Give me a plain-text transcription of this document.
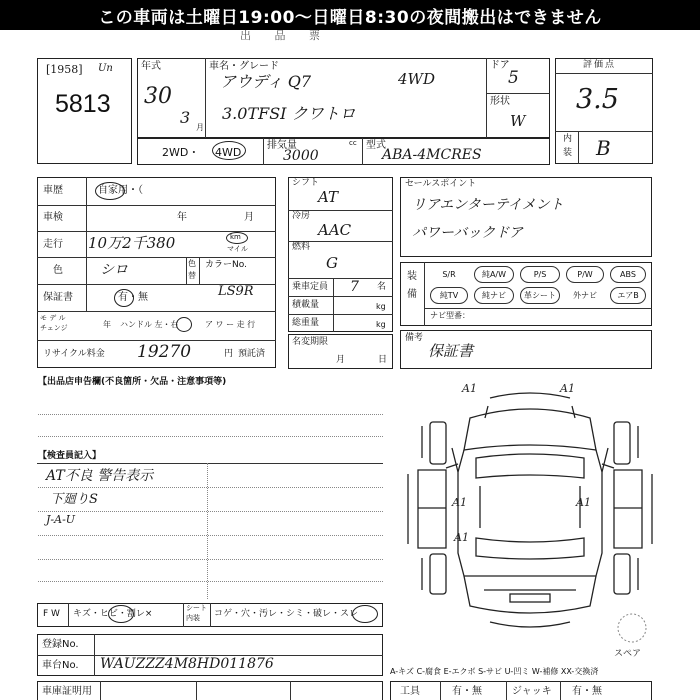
この車両は土曜日19:00～日曜日8:30の夜間搬出はできません
出 品 票
[1958] Un
5813
年式
30
3
月
車名・グレード
アウディ Q7	4WD
3.0TFSI クワトロ
ドア
5
形状
W
2WD・ 4WD
排気量
3000
cc 型式
ABA-4MCRES
評価点
3.5
内
装 B
車歴	自家用・（
車検	年	月
走行 10万2千380	km
マイル
色	シロ	色
替
カラーNo.
LS9R
保証書	有・無
モ デ ル
チェンジ	年 ハンドル 左・右	ア ワ ー 走 行
リサイクル料金 19270	円 預託済
シフト
AT
冷房
AAC
燃料
G
乗車定員 7 名
積載量	kg
総重量	kg
名変期限
月	日
セールスポイント
リアエンターテイメント
パワーバックドア
装
備
ナビ型番：
備考
保証書
【出品店申告欄(不良箇所・欠品・注意事項等)
【検査員記入】
AT不良 警告表示
下廻りS
J-A-U
A1	A1
A1	A1
A1
スペア
F W キズ・ヒビ・割レ×
シート
内装 コゲ・穴・汚レ・シミ・破レ・スレ
登録No.
車台No. WAUZZZ4M8HD011876	A-キズ C-腐食 E-エクボ S-サビ U-凹ミ W-補修 XX-交換済
車庫証明用	工具	有・無	ジャッキ 有・無
S/R	純A/W	P/S	P/W	ABS
純TV	純ナビ	革シート	外ナビ	エアB
